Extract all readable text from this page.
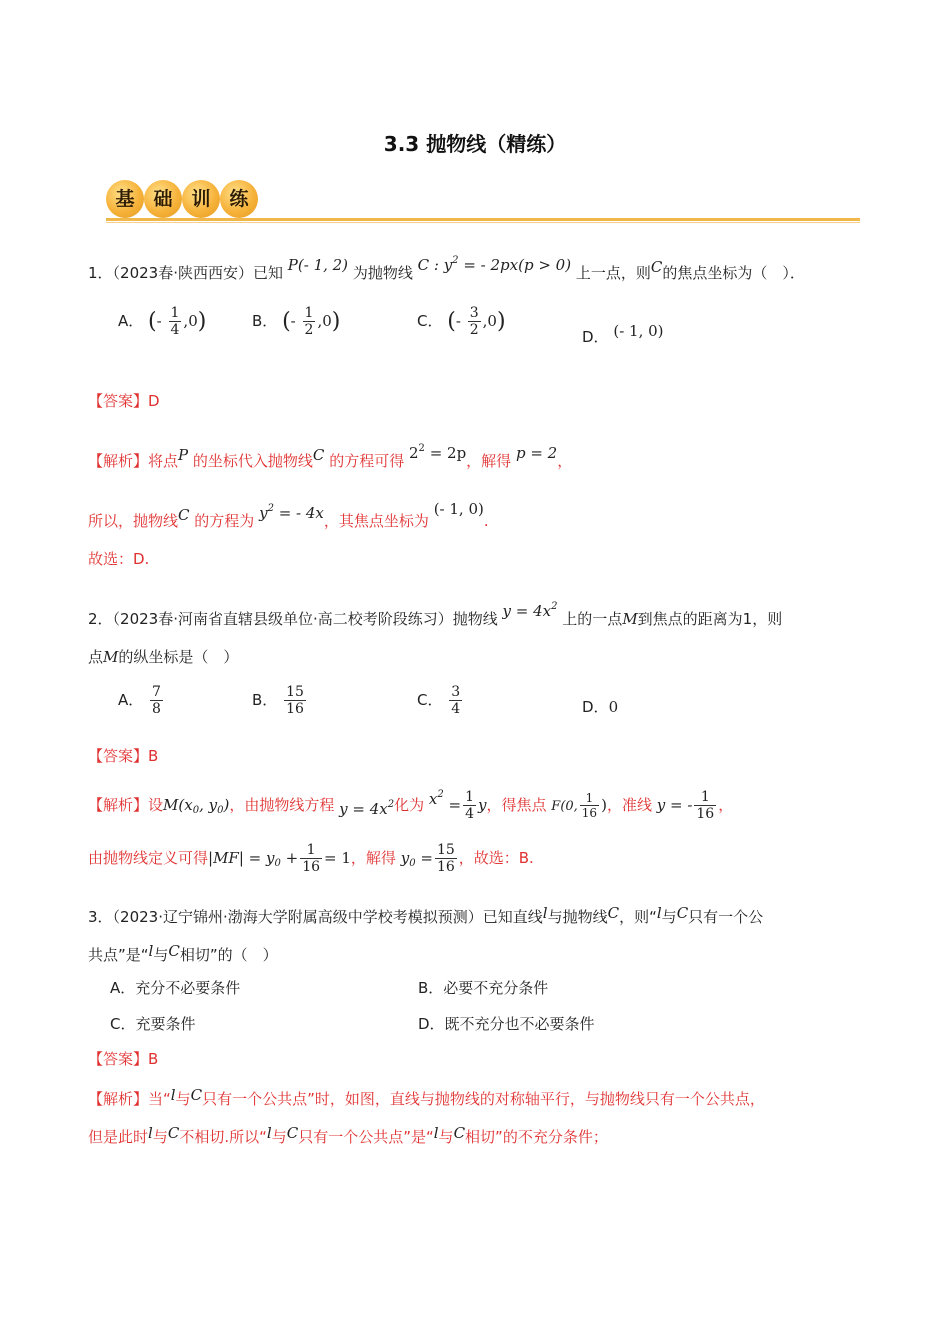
3.3 抛物线（精练）
基 础 训 练
1．（2023春·陕西西安）已知 P(- 1, 2) 为抛物线 C : $y^2$ = - 2px(p > 0) 上一点，则C的焦点坐标为（　）．
A． (- $\frac{1}{4} ,0$)	B． (- $\frac{1}{2} ,0$)	C． (- $\frac{3}{2} ,0$)
D． (- 1, 0)
【答案】D
【解析】将点P 的坐标代入抛物线C 的方程可得 $2^2 = 2p$，解得 p = 2，
所以，抛物线C 的方程为 $y^2$ = - 4x，其焦点坐标为 (- 1, 0).
故选：D.
2．（2023春·河南省直辖县级单位·高二校考阶段练习）抛物线 $y = 4x^2$ 上的一点M到焦点的距离为1，则
点M的纵坐标是（　）
A． $\frac{7}{8}$	B． $\frac{15}{16}$	C． $\frac{3}{4}$	D．0
【答案】B
【解析】设$M(x_0$, $y_0$)，由抛物线方程 $y = 4x^2$化为 $x^2 = \frac{1}{4}$ y，得焦点 F(0, $\frac{1}{16}$ )，准线 y = - $\frac{1}{16}$ ，
由抛物线定义可得$|MF| = y_0 + \frac{1}{16} = 1$，解得 $y_0 = \frac{15}{16}$ ，故选：B.
3．（2023·辽宁锦州·渤海大学附属高级中学校考模拟预测）已知直线l与抛物线C，则“l与C只有一个公
共点”是“l与C相切”的（　）
A．充分不必要条件	B．必要不充分条件
C．充要条件	D．既不充分也不必要条件
【答案】B
【解析】当“l与C只有一个公共点”时，如图，直线与抛物线的对称轴平行，与抛物线只有一个公共点，
但是此时l与C不相切.所以“l与C只有一个公共点”是“l与C相切”的不充分条件；
